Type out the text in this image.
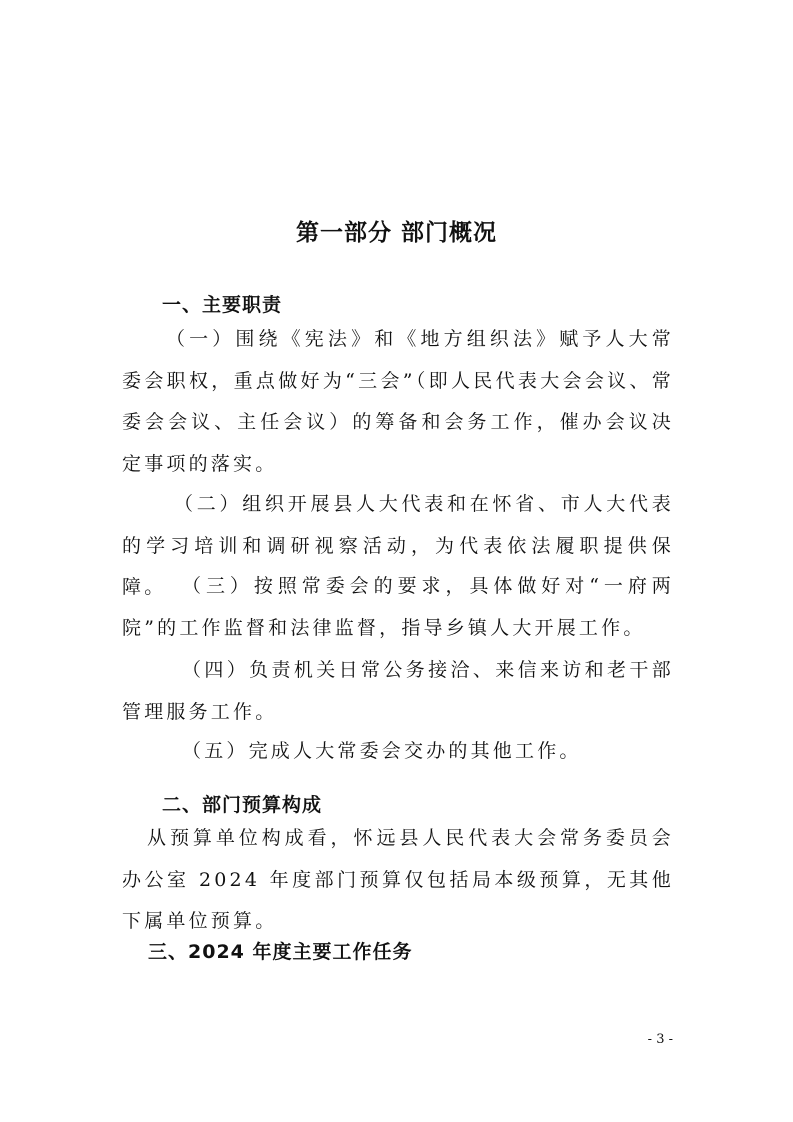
第一部分 部门概况
一、主要职责

（一）围绕《宪法》和《地方组织法》赋予人大常委会职权，重点做好为“三会”（即人民代表大会会议、常委会会议、主任会议）的筹备和会务工作，催办会议决定事项的落实。

（二）组织开展县人大代表和在怀省、市人大代表的学习培训和调研视察活动，为代表依法履职提供保障。 （三）按照常委会的要求，具体做好对“一府两院”的工作监督和法律监督，指导乡镇人大开展工作。

（四）负责机关日常公务接洽、来信来访和老干部管理服务工作。

（五）完成人大常委会交办的其他工作。

二、部门预算构成

从预算单位构成看，怀远县人民代表大会常务委员会办公室 2024 年度部门预算仅包括局本级预算，无其他下属单位预算。

三、2024 年度主要工作任务
- 3 -
